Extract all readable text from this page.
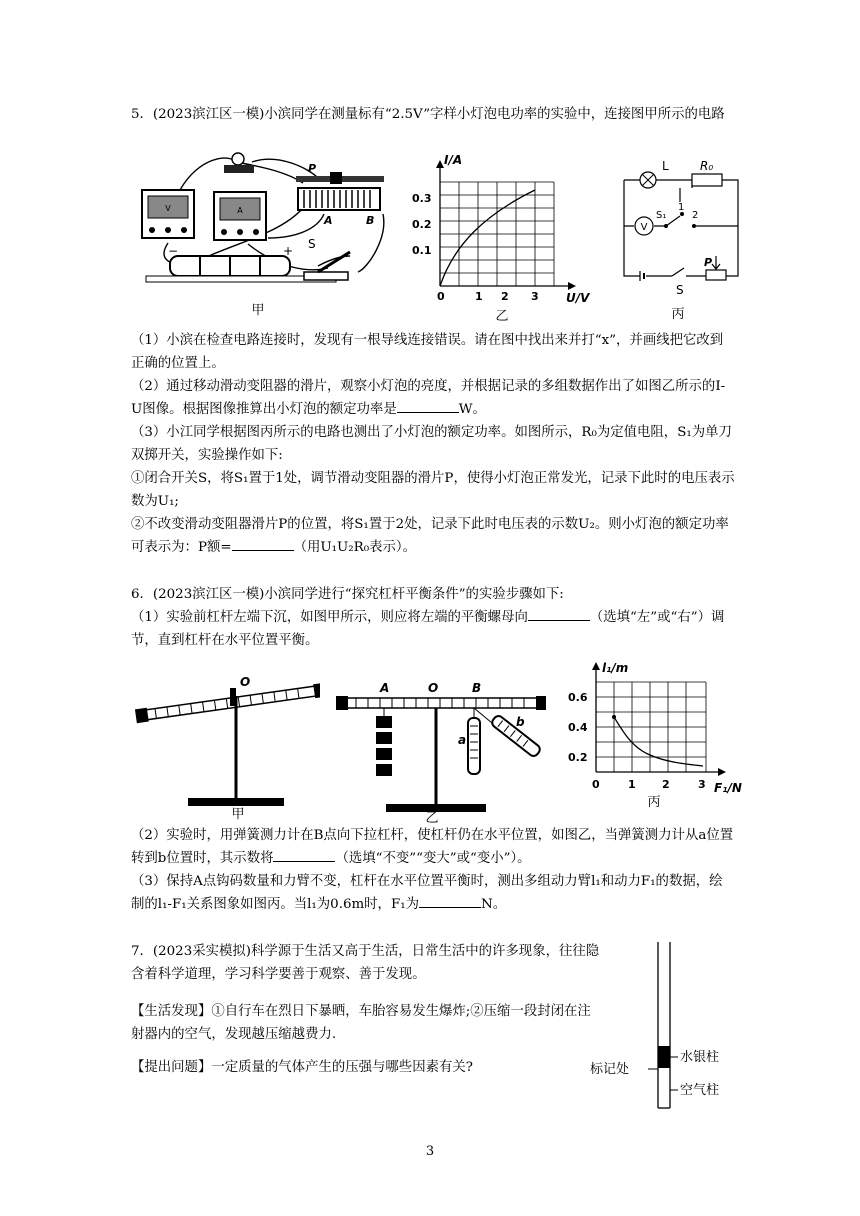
5．(2023滨江区一模)小滨同学在测量标有“2.5V”字样小灯泡电功率的实验中，连接图甲所示的电路

V	A
P
A	B
−	+ S
甲
I/A
U/V
0.3
0.2
0.1
0	1 2 3
乙
V
L	R₀
S₁
1
2
S
P
丙

（1）小滨在检查电路连接时，发现有一根导线连接错误。请在图中找出来并打“x”，并画线把它改到正确的位置上。

（2）通过移动滑动变阻器的滑片，观察小灯泡的亮度，并根据记录的多组数据作出了如图乙所示的I-U图像。根据图像推算出小灯泡的额定功率是	W。

（3）小江同学根据图丙所示的电路也测出了小灯泡的额定功率。如图所示，R₀为定值电阻，S₁为单刀双掷开关，实验操作如下:

①闭合开关S，将S₁置于1处，调节滑动变阻器的滑片P，使得小灯泡正常发光，记录下此时的电压表示数为U₁;

②不改变滑动变阻器滑片P的位置，将S₁置于2处，记录下此时电压表的示数U₂。则小灯泡的额定功率可表示为：P额=	（用U₁U₂R₀表示）。

6．(2023滨江区一模)小滨同学进行“探究杠杆平衡条件”的实验步骤如下:

（1）实验前杠杆左端下沉，如图甲所示，则应将左端的平衡螺母向	（选填“左”或“右”）调节，直到杠杆在水平位置平衡。

O
甲
A	O	B
a
b
乙
l₁/m
F₁/N
0.6
0.4
0.2
0	1 2	3
丙

（2）实验时，用弹簧测力计在B点向下拉杠杆，使杠杆仍在水平位置，如图乙，当弹簧测力计从a位置转到b位置时，其示数将	（选填“不变”“变大”或“变小”）。

（3）保持A点钩码数量和力臂不变，杠杆在水平位置平衡时，测出多组动力臂l₁和动力F₁的数据，绘制的l₁-F₁关系图象如图丙。当l₁为0.6m时，F₁为	N。

7．(2023采实模拟)科学源于生活又高于生活，日常生活中的许多现象，往往隐含着科学道理，学习科学要善于观察、善于发现。

【生活发现】①自行车在烈日下暴晒，车胎容易发生爆炸;②压缩一段封闭在注射器内的空气，发现越压缩越费力.

【提出问题】一定质量的气体产生的压强与哪些因素有关?

水银柱
标记处
空气柱
3
